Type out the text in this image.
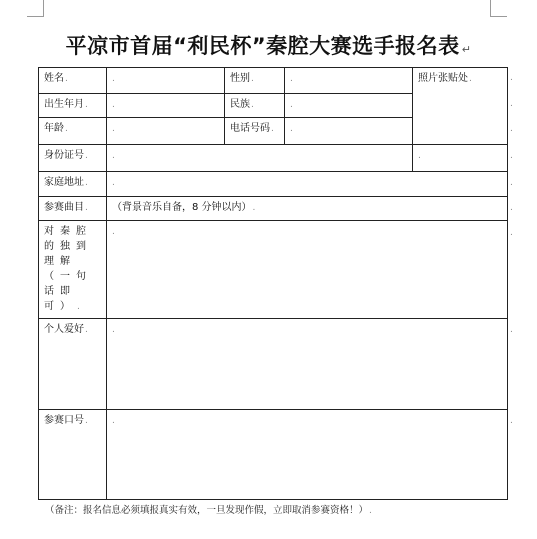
平凉市首届“利民杯”秦腔大赛选手报名表 ↵
姓名.	.	性别.	.	照片张贴处.
出生年月.	.	民族.	.	
年龄.	.	电话号码.	.	
身份证号.	.			.
家庭地址.	.			
参赛曲目.	（背景音乐自备，8 分钟以内）.			
对秦腔的独到理解（一句话即可）.	.			
个人爱好.	.			
参赛口号.	.			
.
.
.
.
.
.
.
.
.
（备注：报名信息必须填报真实有效，一旦发现作假，立即取消参赛资格！）.
